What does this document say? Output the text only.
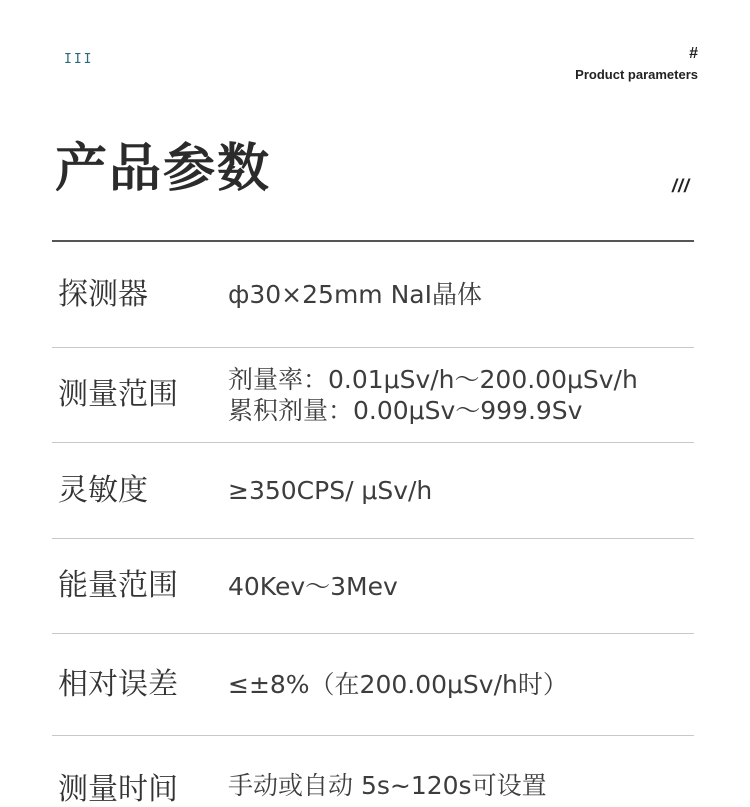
III	#
Product parameters
产品参数	///
探测器	ф30×25mm NaI晶体
测量范围	剂量率：0.01μSv/h～200.00μSv/h
累积剂量：0.00μSv～999.9Sv
灵敏度	≥350CPS/ μSv/h
能量范围	40Kev～3Mev
相对误差	≤±8%（在200.00μSv/h时）
测量时间	手动或自动 5s~120s可设置
